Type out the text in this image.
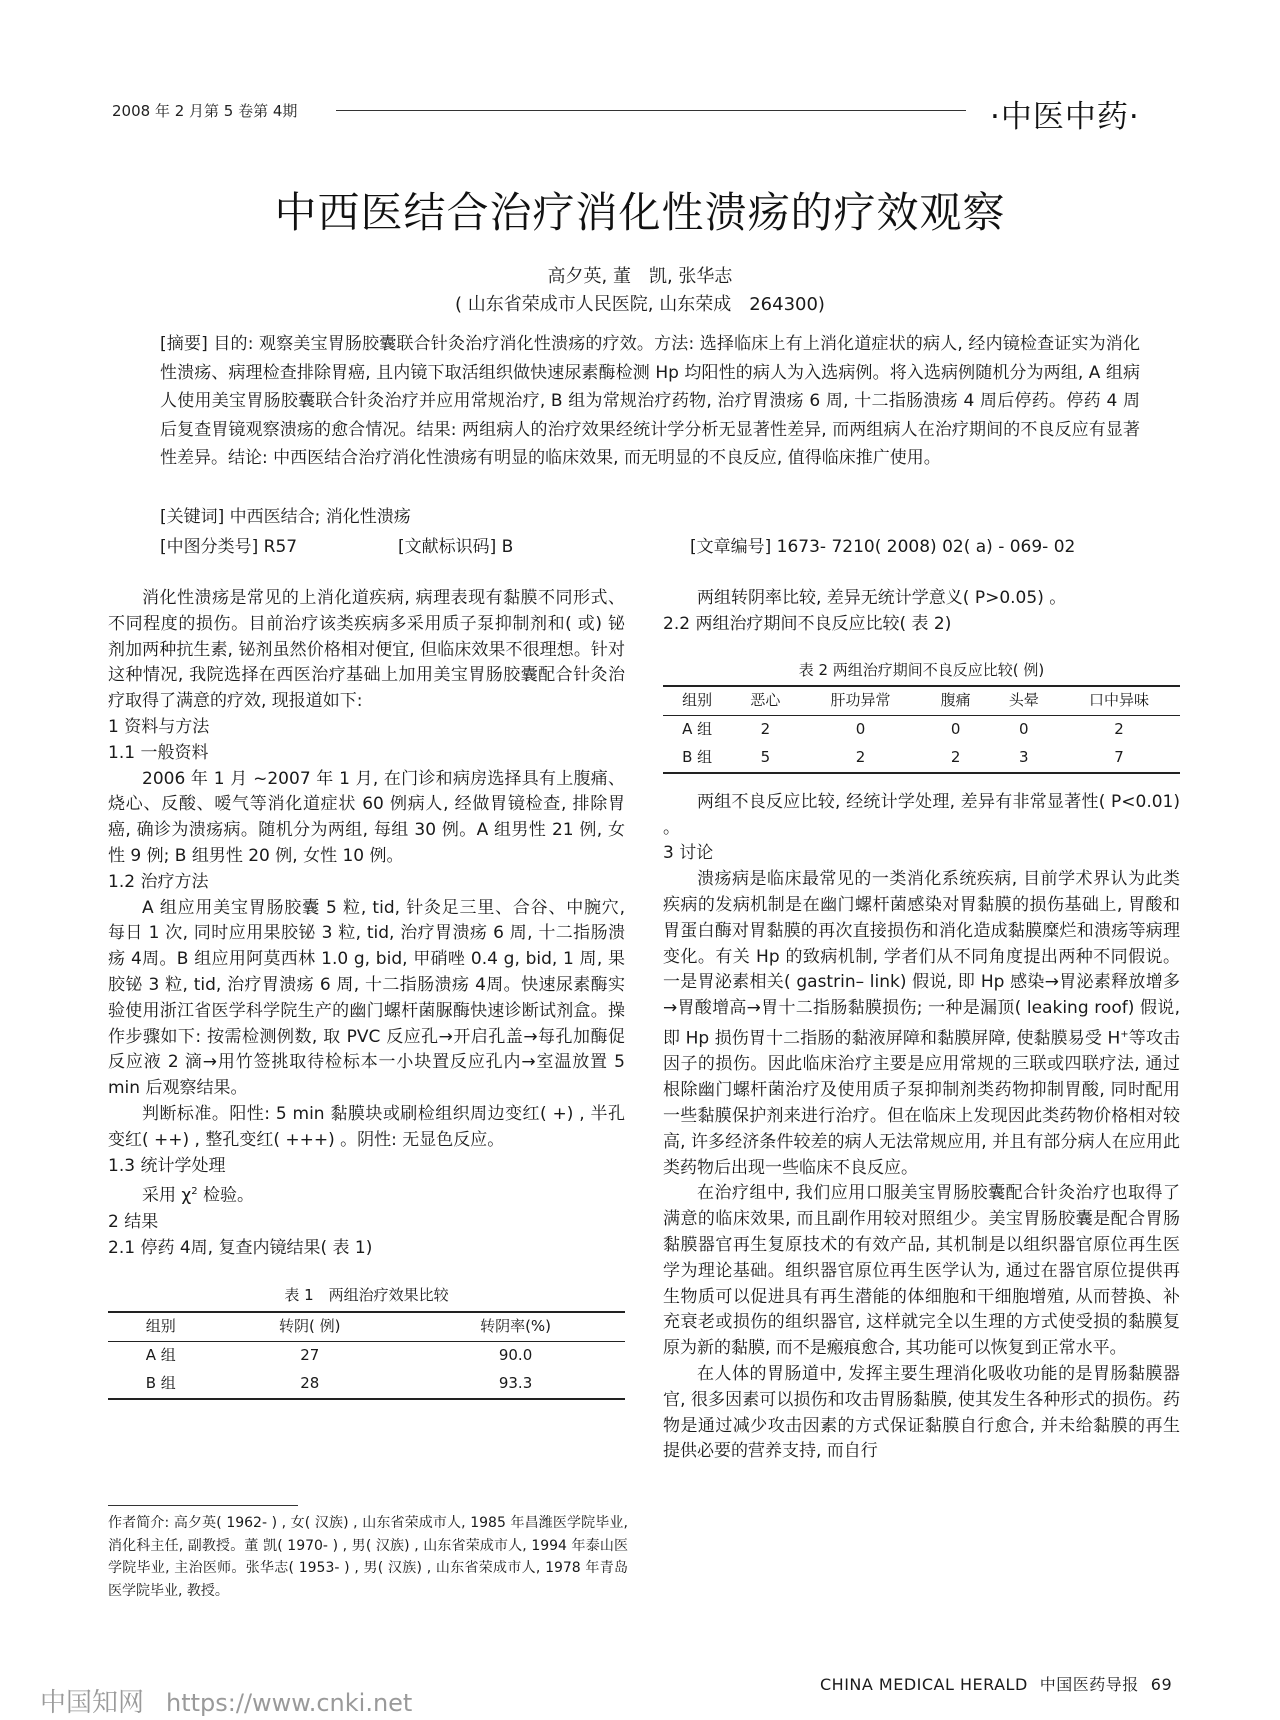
2008 年 2 月第 5 卷第 4期	·中医中药·
中西医结合治疗消化性溃疡的疗效观察
高夕英, 董　凯, 张华志
( 山东省荣成市人民医院, 山东荣成　264300)

[摘要] 目的: 观察美宝胃肠胶囊联合针灸治疗消化性溃疡的疗效。方法: 选择临床上有上消化道症状的病人, 经内镜检查证实为消化性溃疡、病理检查排除胃癌, 且内镜下取活组织做快速尿素酶检测 Hp 均阳性的病人为入选病例。将入选病例随机分为两组, A 组病人使用美宝胃肠胶囊联合针灸治疗并应用常规治疗, B 组为常规治疗药物, 治疗胃溃疡 6 周, 十二指肠溃疡 4 周后停药。停药 4 周后复查胃镜观察溃疡的愈合情况。结果: 两组病人的治疗效果经统计学分析无显著性差异, 而两组病人在治疗期间的不良反应有显著性差异。结论: 中西医结合治疗消化性溃疡有明显的临床效果, 而无明显的不良反应, 值得临床推广使用。

[关键词] 中西医结合; 消化性溃疡
[中图分类号] R57	[文献标识码] B	[文章编号] 1673- 7210( 2008) 02( a) - 069- 02

消化性溃疡是常见的上消化道疾病, 病理表现有黏膜不同形式、不同程度的损伤。目前治疗该类疾病多采用质子泵抑制剂和( 或) 铋剂加两种抗生素, 铋剂虽然价格相对便宜, 但临床效果不很理想。针对这种情况, 我院选择在西医治疗基础上加用美宝胃肠胶囊配合针灸治疗取得了满意的疗效, 现报道如下:

1 资料与方法

1.1 一般资料

2006 年 1 月 ~2007 年 1 月, 在门诊和病房选择具有上腹痛、烧心、反酸、嗳气等消化道症状 60 例病人, 经做胃镜检查, 排除胃癌, 确诊为溃疡病。随机分为两组, 每组 30 例。A 组男性 21 例, 女性 9 例; B 组男性 20 例, 女性 10 例。

1.2 治疗方法

A 组应用美宝胃肠胶囊 5 粒, tid, 针灸足三里、合谷、中腕穴, 每日 1 次, 同时应用果胶铋 3 粒, tid, 治疗胃溃疡 6 周, 十二指肠溃疡 4周。B 组应用阿莫西林 1.0 g, bid, 甲硝唑 0.4 g, bid, 1 周, 果胶铋 3 粒, tid, 治疗胃溃疡 6 周, 十二指肠溃疡 4周。快速尿素酶实验使用浙江省医学科学院生产的幽门螺杆菌脲酶快速诊断试剂盒。操作步骤如下: 按需检测例数, 取 PVC 反应孔→开启孔盖→每孔加酶促反应液 2 滴→用竹签挑取待检标本一小块置反应孔内→室温放置 5 min 后观察结果。

判断标准。阳性: 5 min 黏膜块或刷检组织周边变红( +) , 半孔变红( ++) , 整孔变红( +++) 。阴性: 无显色反应。

1.3 统计学处理

采用 $\chi^2$ 检验。

2 结果

2.1 停药 4周, 复查内镜结果( 表 1)

表 1　两组治疗效果比较
组别	转阴( 例)	转阴率(%)
A 组	27	90.0
B 组	28	93.3
作者简介: 高夕英( 1962- ) , 女( 汉族) , 山东省荣成市人, 1985 年昌潍医学院毕业, 消化科主任, 副教授。董 凯( 1970- ) , 男( 汉族) , 山东省荣成市人, 1994 年泰山医学院毕业, 主治医师。张华志( 1953- ) , 男( 汉族) , 山东省荣成市人, 1978 年青岛医学院毕业, 教授。

两组转阴率比较, 差异无统计学意义( P>0.05) 。

2.2 两组治疗期间不良反应比较( 表 2)

表 2 两组治疗期间不良反应比较( 例)
组别	恶心	肝功异常	腹痛	头晕	口中异味
A 组	2	0	0	0	2
B 组	5	2	2	3	7

两组不良反应比较, 经统计学处理, 差异有非常显著性( P<0.01) 。

3 讨论

溃疡病是临床最常见的一类消化系统疾病, 目前学术界认为此类疾病的发病机制是在幽门螺杆菌感染对胃黏膜的损伤基础上, 胃酸和胃蛋白酶对胃黏膜的再次直接损伤和消化造成黏膜糜烂和溃疡等病理变化。有关 Hp 的致病机制, 学者们从不同角度提出两种不同假说。一是胃泌素相关( gastrin– link) 假说, 即 Hp 感染→胃泌素释放增多→胃酸增高→胃十二指肠黏膜损伤; 一种是漏顶( leaking roof) 假说, 即 Hp 损伤胃十二指肠的黏液屏障和黏膜屏障, 使黏膜易受 H+等攻击因子的损伤。因此临床治疗主要是应用常规的三联或四联疗法, 通过根除幽门螺杆菌治疗及使用质子泵抑制剂类药物抑制胃酸, 同时配用一些黏膜保护剂来进行治疗。但在临床上发现因此类药物价格相对较高, 许多经济条件较差的病人无法常规应用, 并且有部分病人在应用此类药物后出现一些临床不良反应。

在治疗组中, 我们应用口服美宝胃肠胶囊配合针灸治疗也取得了满意的临床效果, 而且副作用较对照组少。美宝胃肠胶囊是配合胃肠黏膜器官再生复原技术的有效产品, 其机制是以组织器官原位再生医学为理论基础。组织器官原位再生医学认为, 通过在器官原位提供再生物质可以促进具有再生潜能的体细胞和干细胞增殖, 从而替换、补充衰老或损伤的组织器官, 这样就完全以生理的方式使受损的黏膜复原为新的黏膜, 而不是瘢痕愈合, 其功能可以恢复到正常水平。

在人体的胃肠道中, 发挥主要生理消化吸收功能的是胃肠黏膜器官, 很多因素可以损伤和攻击胃肠黏膜, 使其发生各种形式的损伤。药物是通过减少攻击因素的方式保证黏膜自行愈合, 并未给黏膜的再生提供必要的营养支持, 而自行

CHINA MEDICAL HERALD 中国医药导报 69
中国知网 https://www.cnki.net
